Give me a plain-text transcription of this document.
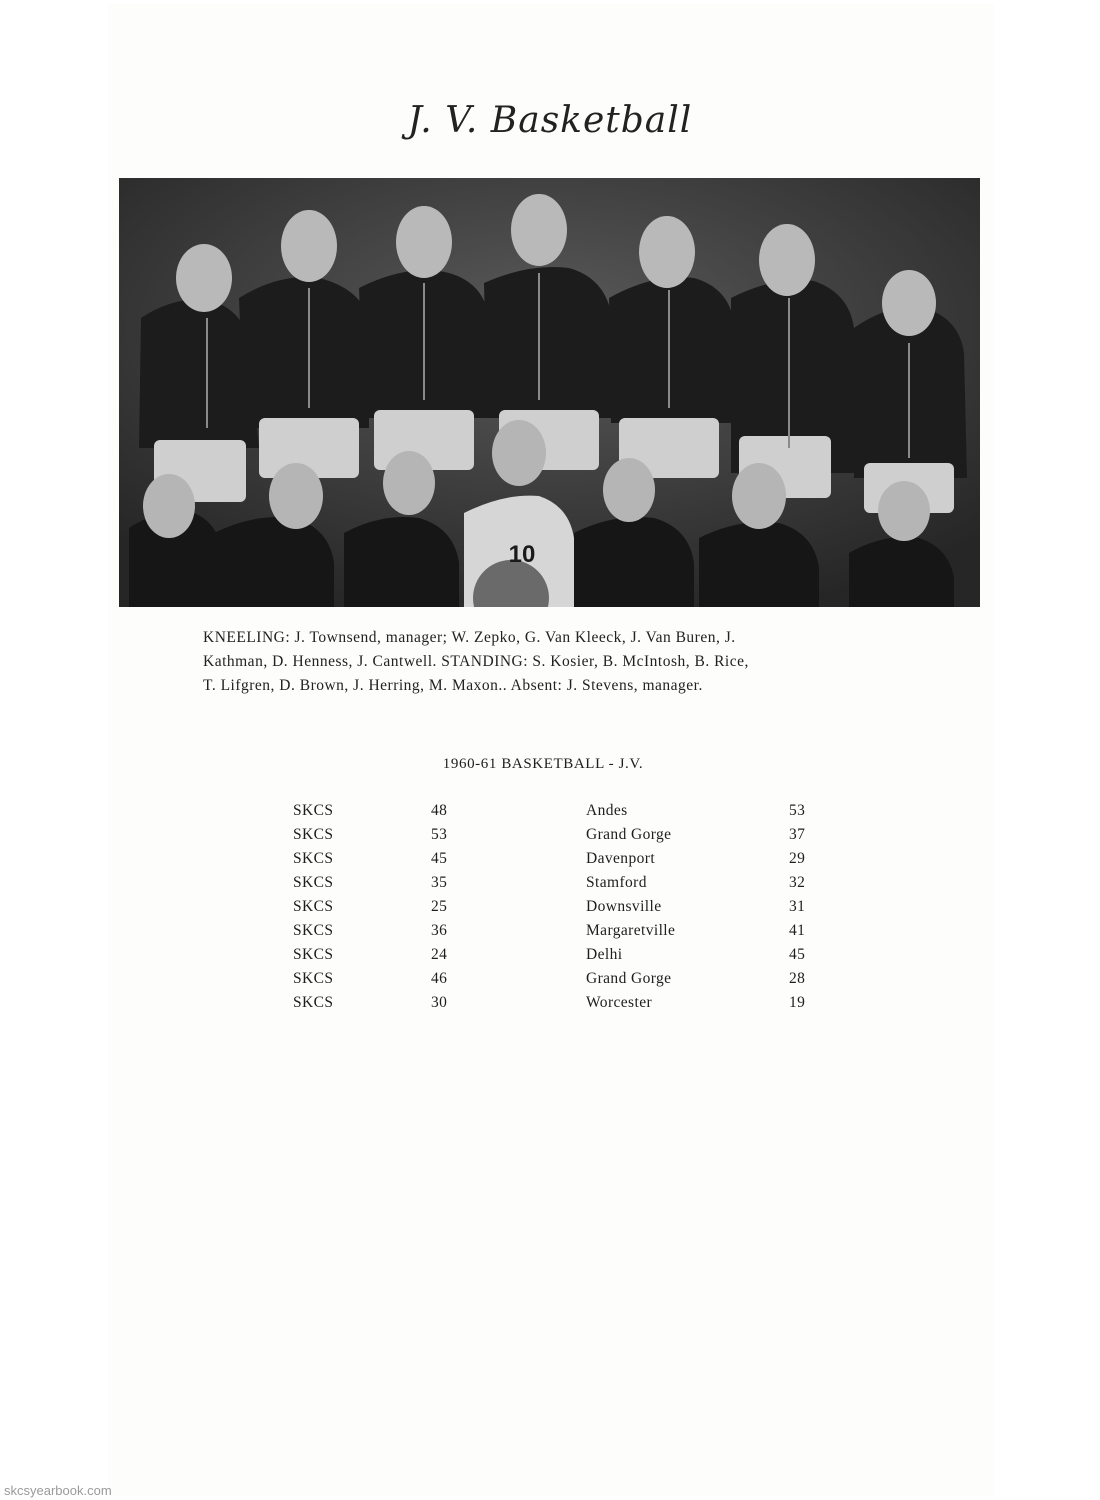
J. V. Basketball
10

KNEELING: J. Townsend, manager; W. Zepko, G. Van Kleeck, J. Van Buren, J.

Kathman, D. Henness, J. Cantwell. STANDING: S. Kosier, B. McIntosh, B. Rice,

T. Lifgren, D. Brown, J. Herring, M. Maxon.. Absent: J. Stevens, manager.

1960-61 BASKETBALL - J.V.
SKCS	48	Andes	53
SKCS	53	Grand Gorge	37
SKCS	45	Davenport	29
SKCS	35	Stamford	32
SKCS	25	Downsville	31
SKCS	36	Margaretville	41
SKCS	24	Delhi	45
SKCS	46	Grand Gorge	28
SKCS	30	Worcester	19
skcsyearbook.com
